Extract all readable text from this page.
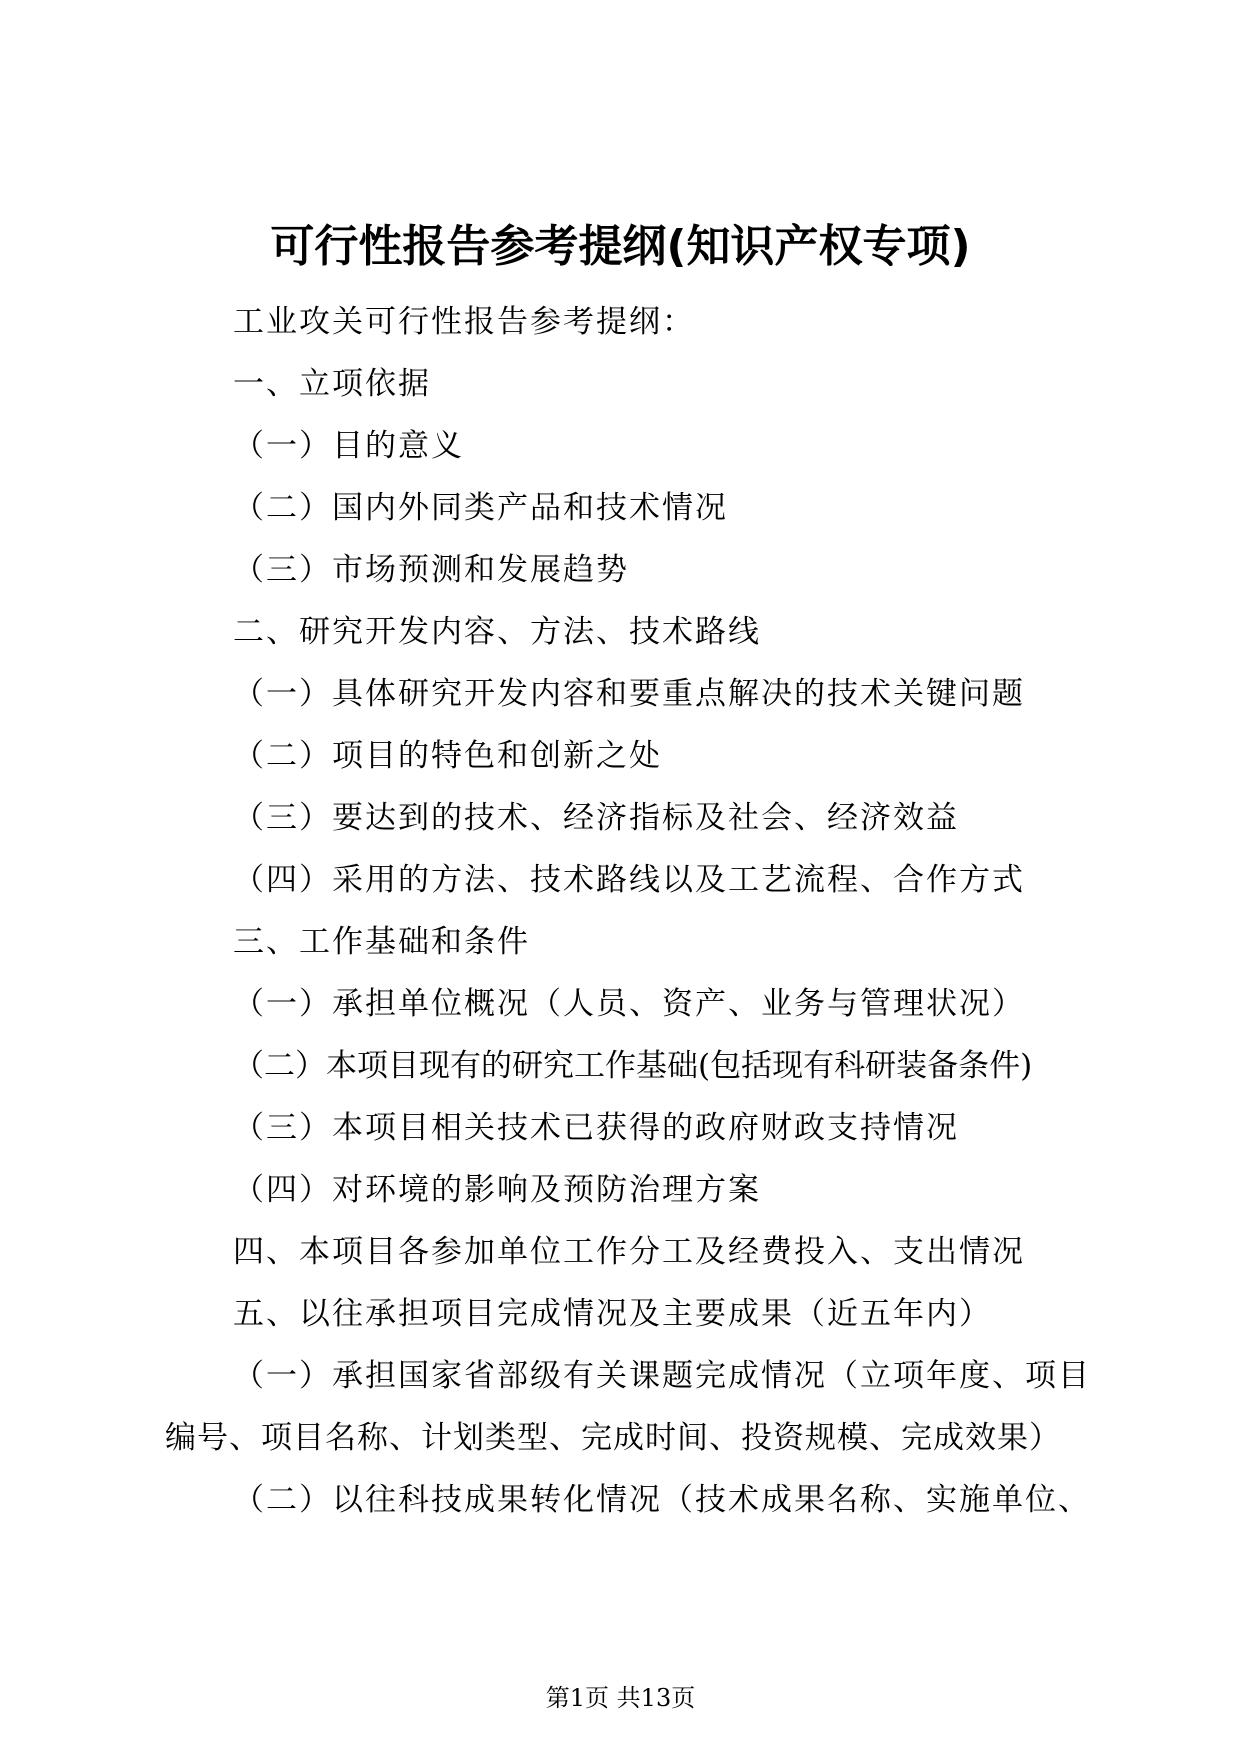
可行性报告参考提纲(知识产权专项)
工业攻关可行性报告参考提纲：
一、立项依据
（一）目的意义
（二）国内外同类产品和技术情况
（三）市场预测和发展趋势
二、研究开发内容、方法、技术路线
（一）具体研究开发内容和要重点解决的技术关键问题
（二）项目的特色和创新之处
（三）要达到的技术、经济指标及社会、经济效益
（四）采用的方法、技术路线以及工艺流程、合作方式
三、工作基础和条件
（一）承担单位概况（人员、资产、业务与管理状况）
（二）本项目现有的研究工作基础(包括现有科研装备条件)
（三）本项目相关技术已获得的政府财政支持情况
（四）对环境的影响及预防治理方案
四、本项目各参加单位工作分工及经费投入、支出情况
五、以往承担项目完成情况及主要成果（近五年内）
（一）承担国家省部级有关课题完成情况（立项年度、项目
编号、项目名称、计划类型、完成时间、投资规模、完成效果）
（二）以往科技成果转化情况（技术成果名称、实施单位、
第1页 共13页
